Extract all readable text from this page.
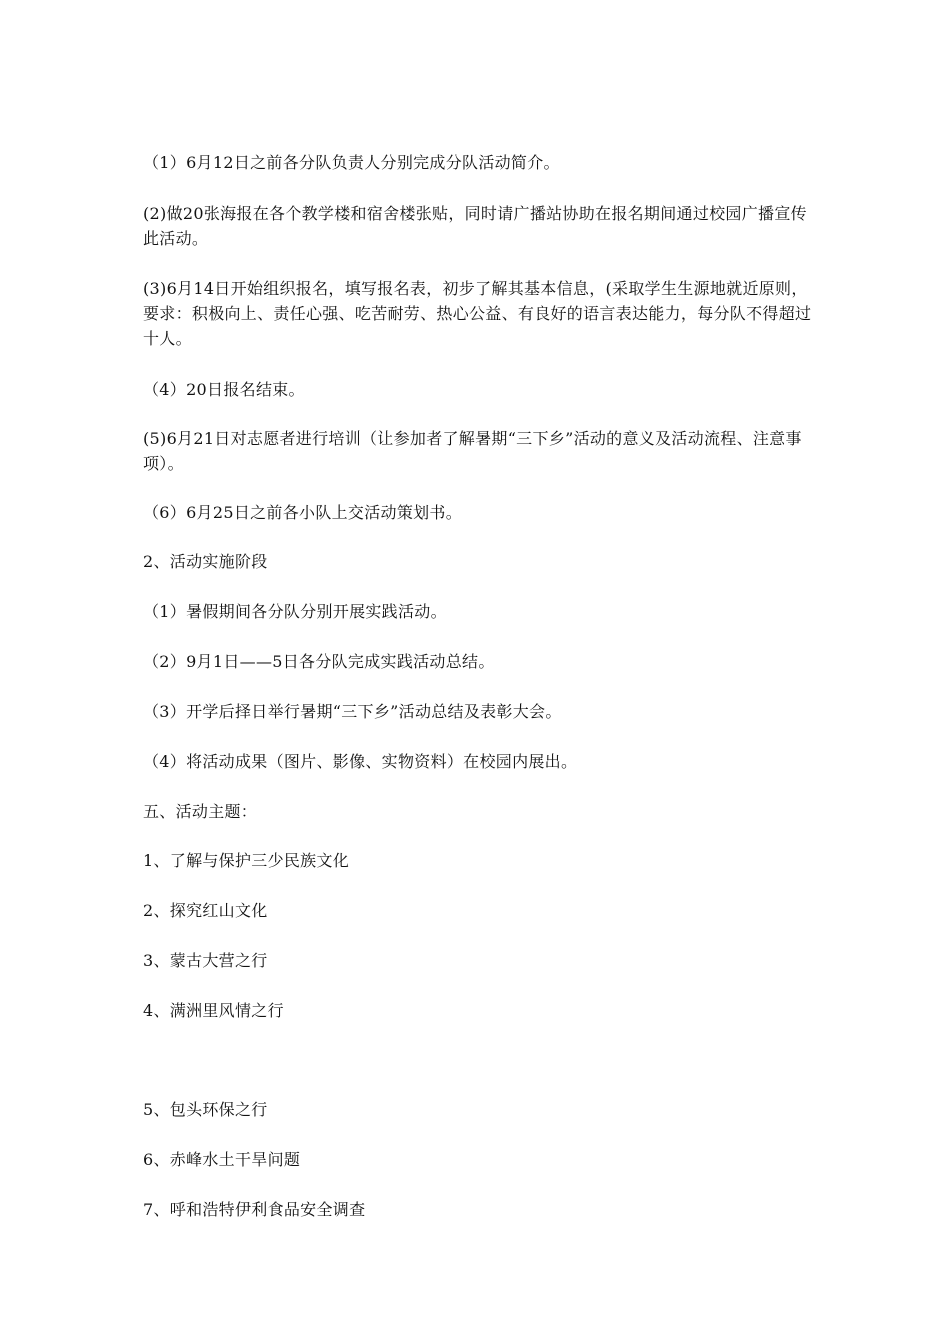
（1）6月12日之前各分队负责人分别完成分队活动简介。
(2)做20张海报在各个教学楼和宿舍楼张贴，同时请广播站协助在报名期间通过校园广播宣传此活动。
(3)6月14日开始组织报名，填写报名表，初步了解其基本信息，(采取学生生源地就近原则，要求：积极向上、责任心强、吃苦耐劳、热心公益、有良好的语言表达能力，每分队不得超过十人。
（4）20日报名结束。
(5)6月21日对志愿者进行培训（让参加者了解暑期“三下乡”活动的意义及活动流程、注意事项）。
（6）6月25日之前各小队上交活动策划书。
2、活动实施阶段
（1）暑假期间各分队分别开展实践活动。
（2）9月1日——5日各分队完成实践活动总结。
（3）开学后择日举行暑期“三下乡”活动总结及表彰大会。
（4）将活动成果（图片、影像、实物资料）在校园内展出。
五、活动主题：
1、了解与保护三少民族文化
2、探究红山文化
3、蒙古大营之行
4、满洲里风情之行
5、包头环保之行
6、赤峰水土干旱问题
7、呼和浩特伊利食品安全调查
